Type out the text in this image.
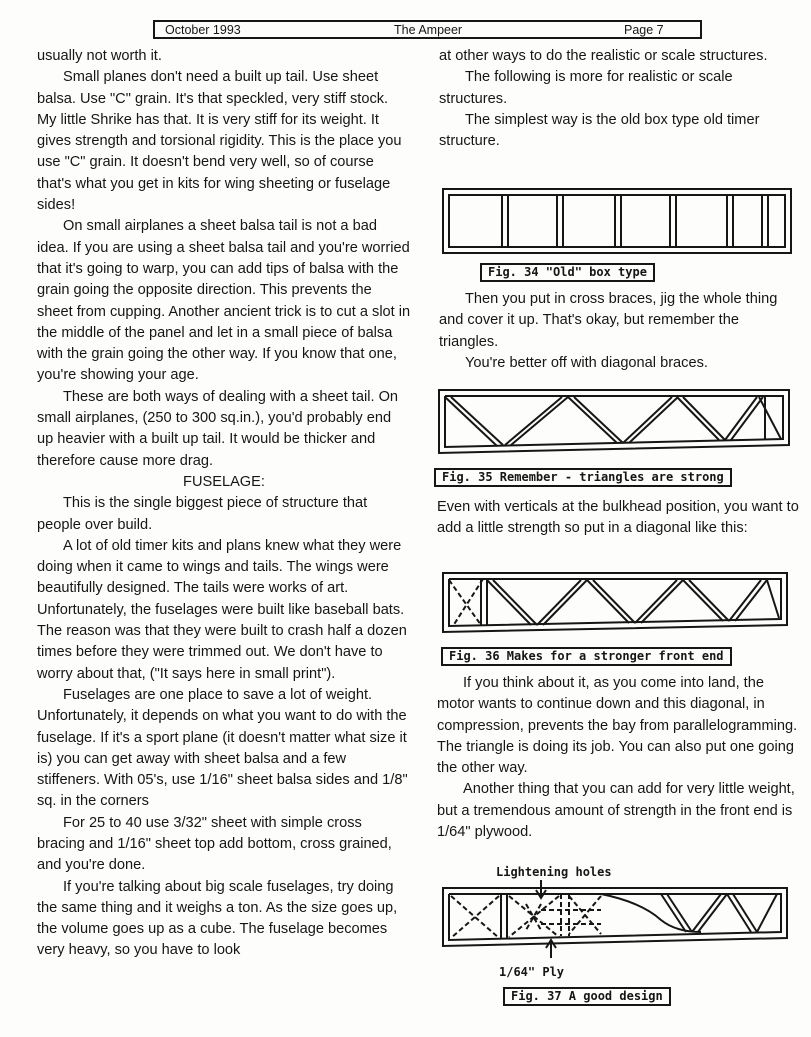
October 1993	The Ampeer	Page 7

usually not worth it.

Small planes don't need a built up tail. Use sheet balsa. Use "C" grain. It's that speckled, very stiff stock. My little Shrike has that. It is very stiff for its weight. It gives strength and torsional rigidity. This is the place you use "C" grain. It doesn't bend very well, so of course that's what you get in kits for wing sheeting or fuselage sides!

On small airplanes a sheet balsa tail is not a bad idea. If you are using a sheet balsa tail and you're worried that it's going to warp, you can add tips of balsa with the grain going the opposite direction. This prevents the sheet from cupping. Another ancient trick is to cut a slot in the middle of the panel and let in a small piece of balsa with the grain going the other way. If you know that one, you're showing your age.

These are both ways of dealing with a sheet tail. On small airplanes, (250 to 300 sq.in.), you'd probably end up heavier with a built up tail. It would be thicker and therefore cause more drag.

FUSELAGE:

This is the single biggest piece of structure that people over build.

A lot of old timer kits and plans knew what they were doing when it came to wings and tails. The wings were beautifully designed. The tails were works of art. Unfortunately, the fuselages were built like baseball bats. The reason was that they were built to crash half a dozen times before they were trimmed out. We don't have to worry about that, ("It says here in small print").

Fuselages are one place to save a lot of weight. Unfortunately, it depends on what you want to do with the fuselage. If it's a sport plane (it doesn't matter what size it is) you can get away with sheet balsa and a few stiffeners. With 05's, use 1/16" sheet balsa sides and 1/8" sq. in the corners

For 25 to 40 use 3/32" sheet with simple cross bracing and 1/16" sheet top add bottom, cross grained, and you're done.

If you're talking about big scale fuselages, try doing the same thing and it weighs a ton. As the size goes up, the volume goes up as a cube. The fuselage becomes very heavy, so you have to look

at other ways to do the realistic or scale structures.

The following is more for realistic or scale structures.

The simplest way is the old box type old timer structure.

Fig. 34 "Old" box type

Then you put in cross braces, jig the whole thing and cover it up. That's okay, but remember the triangles.

You're better off with diagonal braces.

Fig. 35 Remember - triangles are strong

Even with verticals at the bulkhead position, you want to add a little strength so put in a diagonal like this:

Fig. 36 Makes for a stronger front end

If you think about it, as you come into land, the motor wants to continue down and this diagonal, in compression, prevents the bay from parallelogramming. The triangle is doing its job. You can also put one going the other way.

Another thing that you can add for very little weight, but a tremendous amount of strength in the front end is 1/64" plywood.

Lightening holes
1/64" Ply
Fig. 37 A good design
